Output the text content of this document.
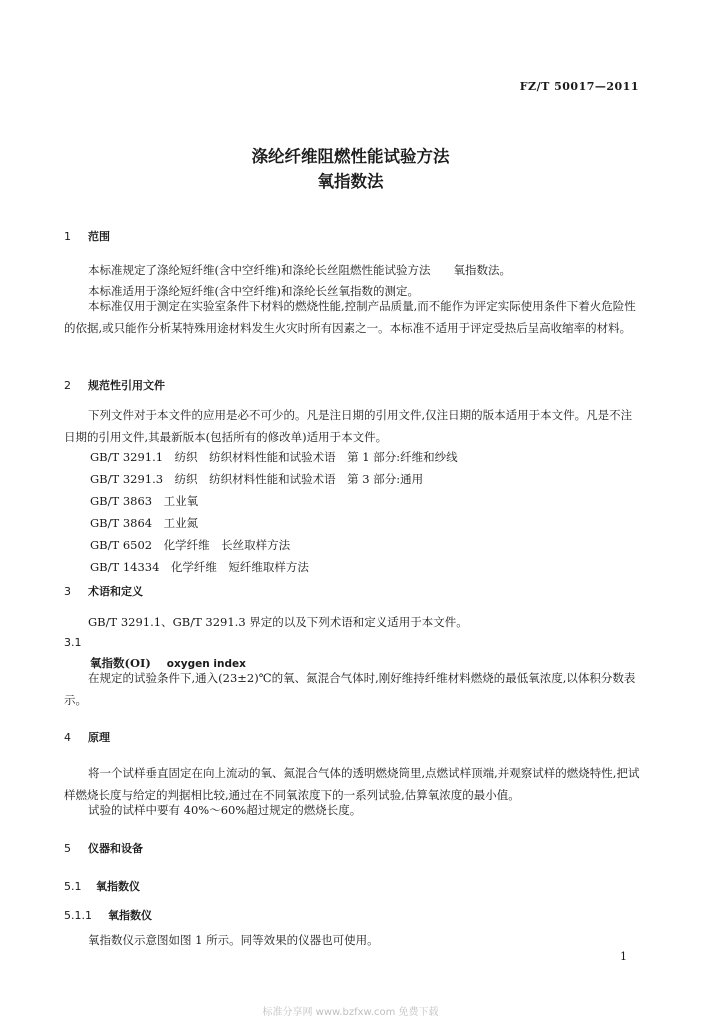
FZ/T 50017—2011
涤纶纤维阻燃性能试验方法
氧指数法
1 范围
本标准规定了涤纶短纤维(含中空纤维)和涤纶长丝阻燃性能试验方法　　氧指数法。
本标准适用于涤纶短纤维(含中空纤维)和涤纶长丝氧指数的测定。
本标准仅用于测定在实验室条件下材料的燃烧性能,控制产品质量,而不能作为评定实际使用条件下着火危险性的依据,或只能作分析某特殊用途材料发生火灾时所有因素之一。本标准不适用于评定受热后呈高收缩率的材料。
2 规范性引用文件
下列文件对于本文件的应用是必不可少的。凡是注日期的引用文件,仅注日期的版本适用于本文件。凡是不注日期的引用文件,其最新版本(包括所有的修改单)适用于本文件。
GB/T 3291.1　纺织　纺织材料性能和试验术语　第 1 部分:纤维和纱线
GB/T 3291.3　纺织　纺织材料性能和试验术语　第 3 部分:通用
GB/T 3863　工业氧
GB/T 3864　工业氮
GB/T 6502　化学纤维　长丝取样方法
GB/T 14334　化学纤维　短纤维取样方法
3 术语和定义
GB/T 3291.1、GB/T 3291.3 界定的以及下列术语和定义适用于本文件。
3.1
氧指数(OI) oxygen index
在规定的试验条件下,通入(23±2)℃的氧、氮混合气体时,刚好维持纤维材料燃烧的最低氧浓度,以体积分数表示。
4 原理
将一个试样垂直固定在向上流动的氧、氮混合气体的透明燃烧筒里,点燃试样顶端,并观察试样的燃烧特性,把试样燃烧长度与给定的判据相比较,通过在不同氧浓度下的一系列试验,估算氧浓度的最小值。
试验的试样中要有 40%～60%超过规定的燃烧长度。
5 仪器和设备
5.1 氧指数仪
5.1.1 氧指数仪
氧指数仪示意图如图 1 所示。同等效果的仪器也可使用。
1
标准分享网 www.bzfxw.com 免费下载
